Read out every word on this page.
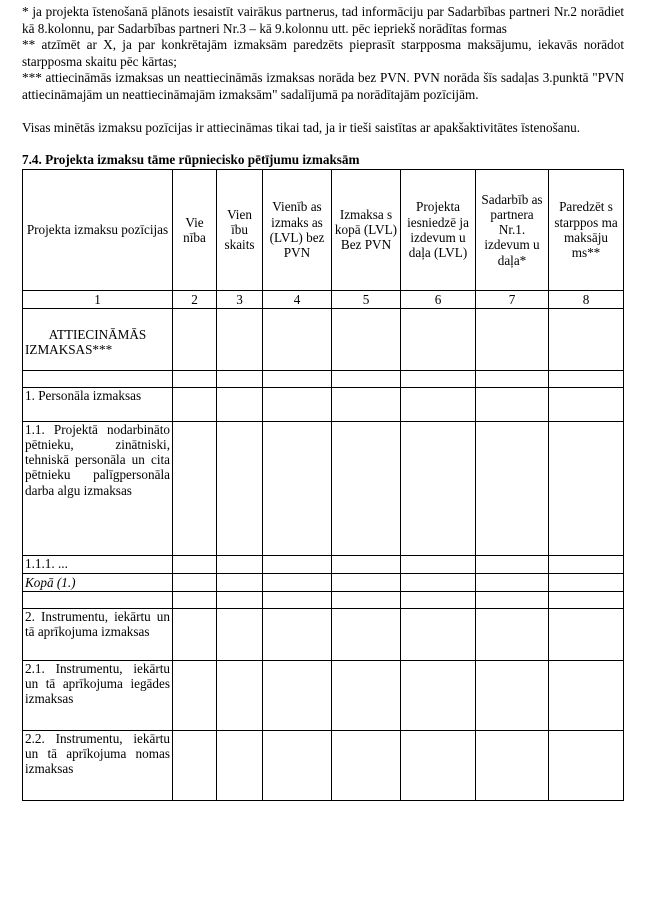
* ja projekta īstenošanā plānots iesaistīt vairākus partnerus, tad informāciju par Sadarbības partneri Nr.2 norādiet kā 8.kolonnu, par Sadarbības partneri Nr.3 – kā 9.kolonnu utt. pēc iepriekš norādītas formas

** atzīmēt ar X, ja par konkrētajām izmaksām paredzēts pieprasīt starpposma maksājumu, iekavās norādot starpposma skaitu pēc kārtas;

*** attiecināmās izmaksas un neattiecināmās izmaksas norāda bez PVN. PVN norāda šīs sadaļas 3.punktā "PVN attiecināmajām un neattiecināmajām izmaksām" sadalījumā pa norādītajām pozīcijām.

Visas minētās izmaksu pozīcijas ir attiecināmas tikai tad, ja ir tieši saistītas ar apakšaktivitātes īstenošanu.

7.4. Projekta izmaksu tāme rūpniecisko pētījumu izmaksām

Projekta izmaksu pozīcijas	Vie nība	Vien ību skaits	Vienīb as izmaks as (LVL) bez PVN	Izmaksa s kopā (LVL) Bez PVN	Projekta iesniedzē ja izdevum u daļa (LVL)	Sadarbīb as partnera Nr.1. izdevum u daļa*	Paredzēt s starppos ma maksāju ms**
1	2	3	4	5	6	7	8
ATTIECINĀMĀS IZMAKSAS***							

1. Personāla izmaksas							
1.1. Projektā nodarbināto pētnieku, zinātniski, tehniskā personāla un cita pētnieku palīgpersonāla darba algu izmaksas							
1.1.1. ...							
Kopā (1.)							

2. Instrumentu, iekārtu un tā aprīkojuma izmaksas							
2.1. Instrumentu, iekārtu un tā aprīkojuma iegādes izmaksas							
2.2. Instrumentu, iekārtu un tā aprīkojuma nomas izmaksas							
